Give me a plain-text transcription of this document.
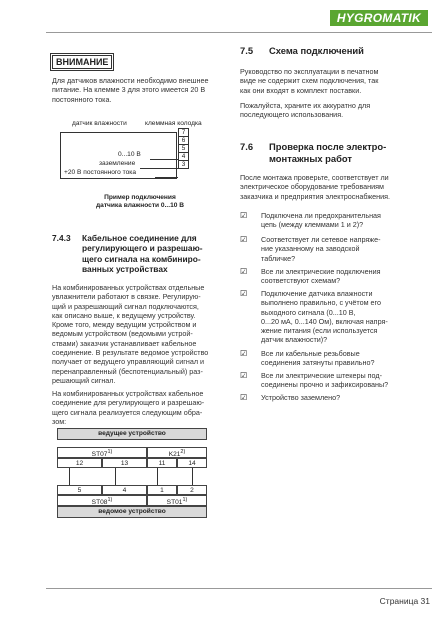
HYGROMATIK
ВНИМАНИЕ
Для датчиков влажности необходимо внешнее
питание. На клемме 3 для этого имеется 20 В
постоянного тока.
датчик влажности	клеммная колодка
7
6
5
4
3
0...10 В
заземление
+20 В постоянного тока
Пример подключения
датчика влажности 0...10 В
7.4.3 Кабельное соединение для
регулирующего и разрешаю-
щего сигнала на комбиниро-
ванных устройствах
На комбинированных устройствах отдельные
увлажнители работают в связке. Регулирую-
щий и разрешающий сигнал подключаются,
как описано выше, к ведущему устройству.
Кроме того, между ведущим устройством и
ведомым устройством (ведомыми устрой-
ствами) заказчик устанавливает кабельное
соединение. В результате ведомое устройство
получает от ведущего управляющий сигнал и
перенаправленный (беспотенциальный) раз-
решающий сигнал.
На комбинированных устройствах кабельное
соединение для регулирующего и разрешаю-
щего сигнала реализуется следующим обра-
зом:
ведущее устройство
ST07$^{1)}$	K21$^{2)}$
12	13	11	14
5	4	1	2
ST08$^{1)}$	ST01$^{1)}$
ведомое устройство
7.5 Схема подключений
Руководство по эксплуатации в печатном
виде не содержит схем подключения, так
как они входят в комплект поставки.
Пожалуйста, храните их аккуратно для
последующего использования.
7.6 Проверка после электро-
монтажных работ
После монтажа проверьте, соответствует ли
электрическое оборудование требованиям
заказчика и предприятия электроснабжения.
☑ Подключена ли предохранительная
цепь (между клеммами 1 и 2)?
☑ Соответствует ли сетевое напряже-
ние указанному на заводской
табличке?
☑ Все ли электрические подключения
соответствуют схемам?
☑ Подключение датчика влажности
выполнено правильно, с учётом его
выходного сигнала (0...10 В,
0...20 мА, 0...140 Ом), включая напря-
жение питания (если используется
датчик влажности)?
☑ Все ли кабельные резьбовые
соединения затянуты правильно?
☑ Все ли электрические штекеры под-
соединены прочно и зафиксированы?
☑ Устройство заземлено?
Страница 31
